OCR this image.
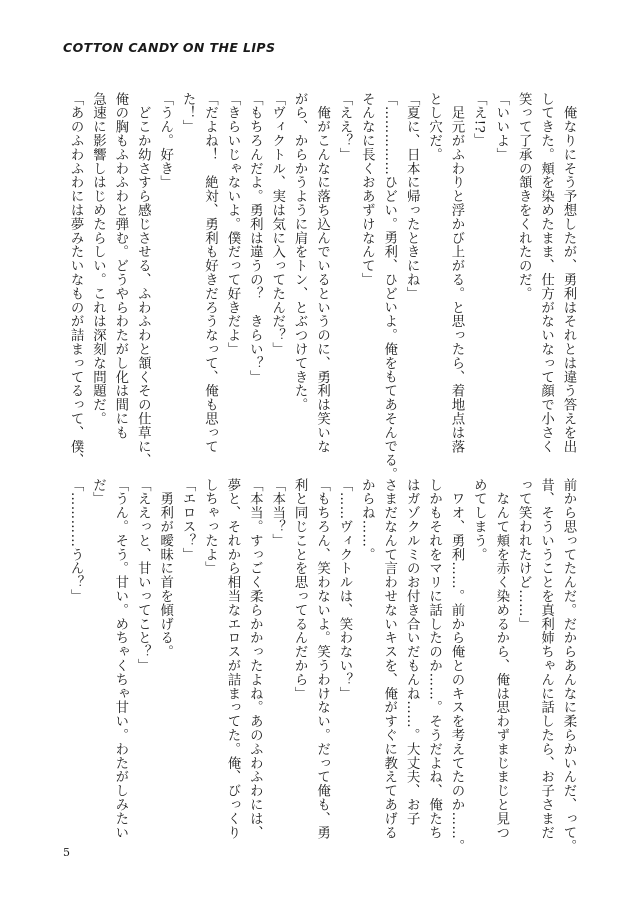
COTTON CANDY ON THE LIPS
　俺なりにそう予想したが、勇利はそれとは違う答えを出
してきた。頬を染めたまま、仕方がないなって顔で小さく
笑って了承の頷きをくれたのだ。
「いいよ」
「え!?」
　足元がふわりと浮かび上がる。と思ったら、着地点は落
とし穴だ。
「夏に、日本に帰ったときにね」
「……………ひどい。勇利、ひどいよ。俺をもてあそんでる。
そんなに長くおあずけなんて」
「ええ？」
　俺がこんなに落ち込んでいるというのに、勇利は笑いな
がら、からかうように肩をトン、とぶつけてきた。
「ヴィクトル、実は気に入ってたんだ？」
「もちろんだよ。勇利は違うの？　きらい？」
「きらいじゃないよ。僕だって好きだよ」
「だよね！　絶対、勇利も好きだろうなって、俺も思って
た！」
「うん。好き」
　どこか幼さすら感じさせる、ふわふわと頷くその仕草に、
俺の胸もふわふわと弾む。どうやらわたがし化は間にも
急速に影響しはじめたらしい。これは深刻な問題だ。
「あのふわふわには夢みたいなものが詰まってるって、僕、
前から思ってたんだ。だからあんなに柔らかいんだ、って。
昔、そういうことを真利姉ちゃんに話したら、お子さまだ
って笑われたけど……」
　なんて頬を赤く染めるから、俺は思わずまじまじと見つ
めてしまう。
　ワオ、勇利……。前から俺とのキスを考えてたのか……。
しかもそれをマリに話したのか……。そうだよね、俺たち
はガゾクルミのお付き合いだもんね……。大丈夫、お子
さまだなんて言わせないキスを、俺がすぐに教えてあげる
からね……。
「……ヴィクトルは、笑わない？」
「もちろん、笑わないよ。笑うわけない。だって俺も、勇
利と同じことを思ってるんだから」
「本当？」
「本当。すっごく柔らかかったよね。あのふわふわには、
夢と、それから相当なエロスが詰まってた。俺、びっくり
しちゃったよ」
「エロス？」
　勇利が曖昧に首を傾げる。
「ええっと、甘いってこと？」
「うん。そう。甘い。めちゃくちゃ甘い。わたがしみたい
だ」
「…………うん？」
5
